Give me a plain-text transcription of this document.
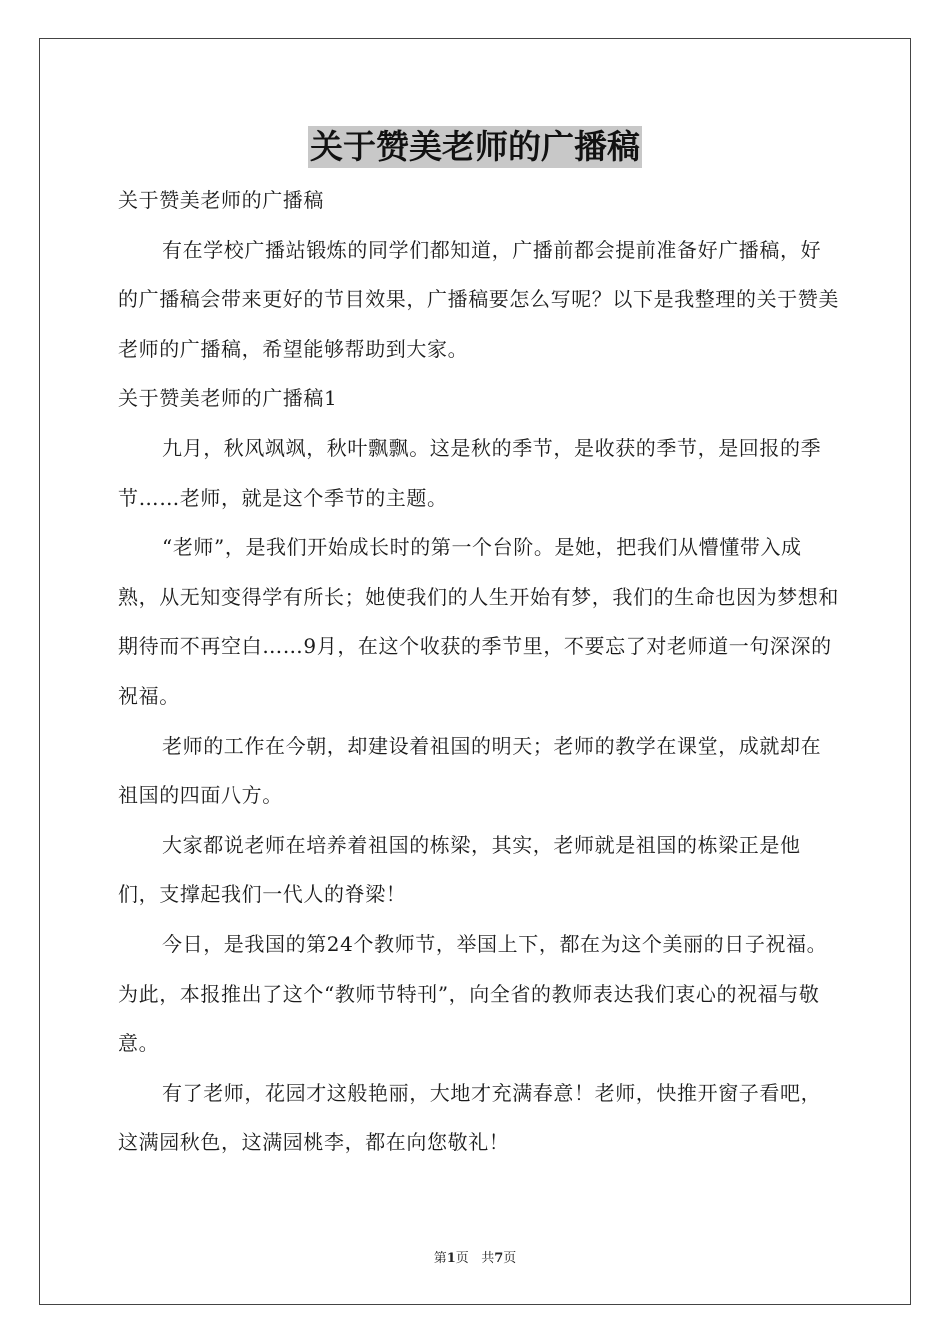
关于赞美老师的广播稿

关于赞美老师的广播稿

有在学校广播站锻炼的同学们都知道，广播前都会提前准备好广播稿，好的广播稿会带来更好的节目效果，广播稿要怎么写呢？以下是我整理的关于赞美老师的广播稿，希望能够帮助到大家。

关于赞美老师的广播稿1

九月，秋风飒飒，秋叶飘飘。这是秋的季节，是收获的季节，是回报的季节……老师，就是这个季节的主题。

“老师”，是我们开始成长时的第一个台阶。是她，把我们从懵懂带入成熟，从无知变得学有所长；她使我们的人生开始有梦，我们的生命也因为梦想和期待而不再空白……9月，在这个收获的季节里，不要忘了对老师道一句深深的祝福。

老师的工作在今朝，却建设着祖国的明天；老师的教学在课堂，成就却在祖国的四面八方。

大家都说老师在培养着祖国的栋梁，其实，老师就是祖国的栋梁正是他们，支撑起我们一代人的脊梁！

今日，是我国的第24个教师节，举国上下，都在为这个美丽的日子祝福。为此，本报推出了这个“教师节特刊”，向全省的教师表达我们衷心的祝福与敬意。

有了老师，花园才这般艳丽，大地才充满春意！老师，快推开窗子看吧，这满园秋色，这满园桃李，都在向您敬礼！

第1页 共7页
